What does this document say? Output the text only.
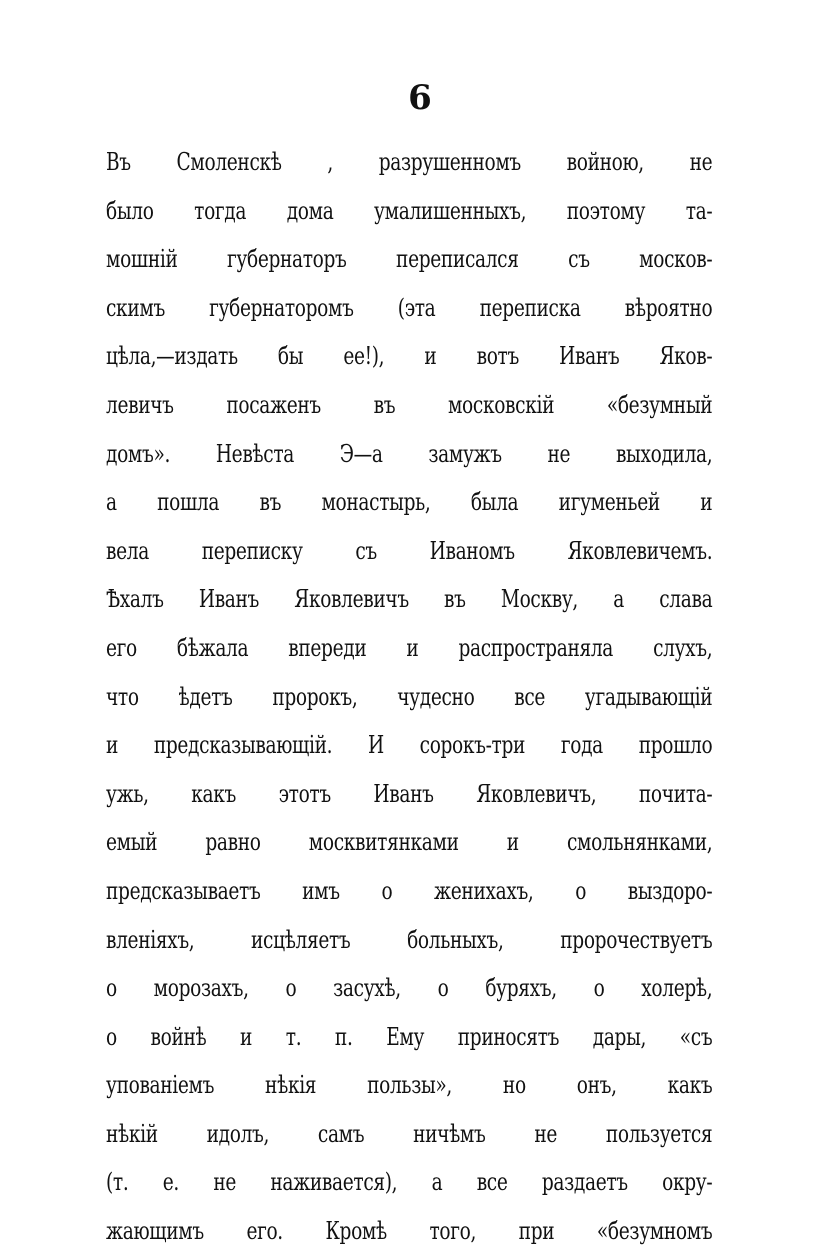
6
Въ Смоленскѣ , разрушенномъ войною, не
было тогда дома умалишенныхъ, поэтому та-
мошній губернаторъ переписался съ москов-
скимъ губернаторомъ (эта переписка вѣроятно
цѣла,—издать бы ее!), и вотъ Иванъ Яков-
левичъ посаженъ въ московскій «безумный
домъ». Невѣста Э—а замужъ не выходила,
а пошла въ монастырь, была игуменьей и
вела переписку съ Иваномъ Яковлевичемъ.
Ѣхалъ Иванъ Яковлевичъ въ Москву, а слава
его бѣжала впереди и распространяла слухъ,
что ѣдетъ пророкъ, чудесно все угадывающій
и предсказывающій. И сорокъ-три года прошло
ужь, какъ этотъ Иванъ Яковлевичъ, почита-
емый равно москвитянками и смольнянками,
предсказываетъ имъ о женихахъ, о выздоро-
вленіяхъ, исцѣляетъ больныхъ, пророчествуетъ
о морозахъ, о засухѣ, о буряхъ, о холерѣ,
о войнѣ и т. п. Ему приносятъ дары, «съ
упованіемъ нѣкія пользы», но онъ, какъ
нѣкій идолъ, самъ ничѣмъ не пользуется
(т. е. не наживается), а все раздаетъ окру-
жающимъ его. Кромѣ того, при «безумномъ
